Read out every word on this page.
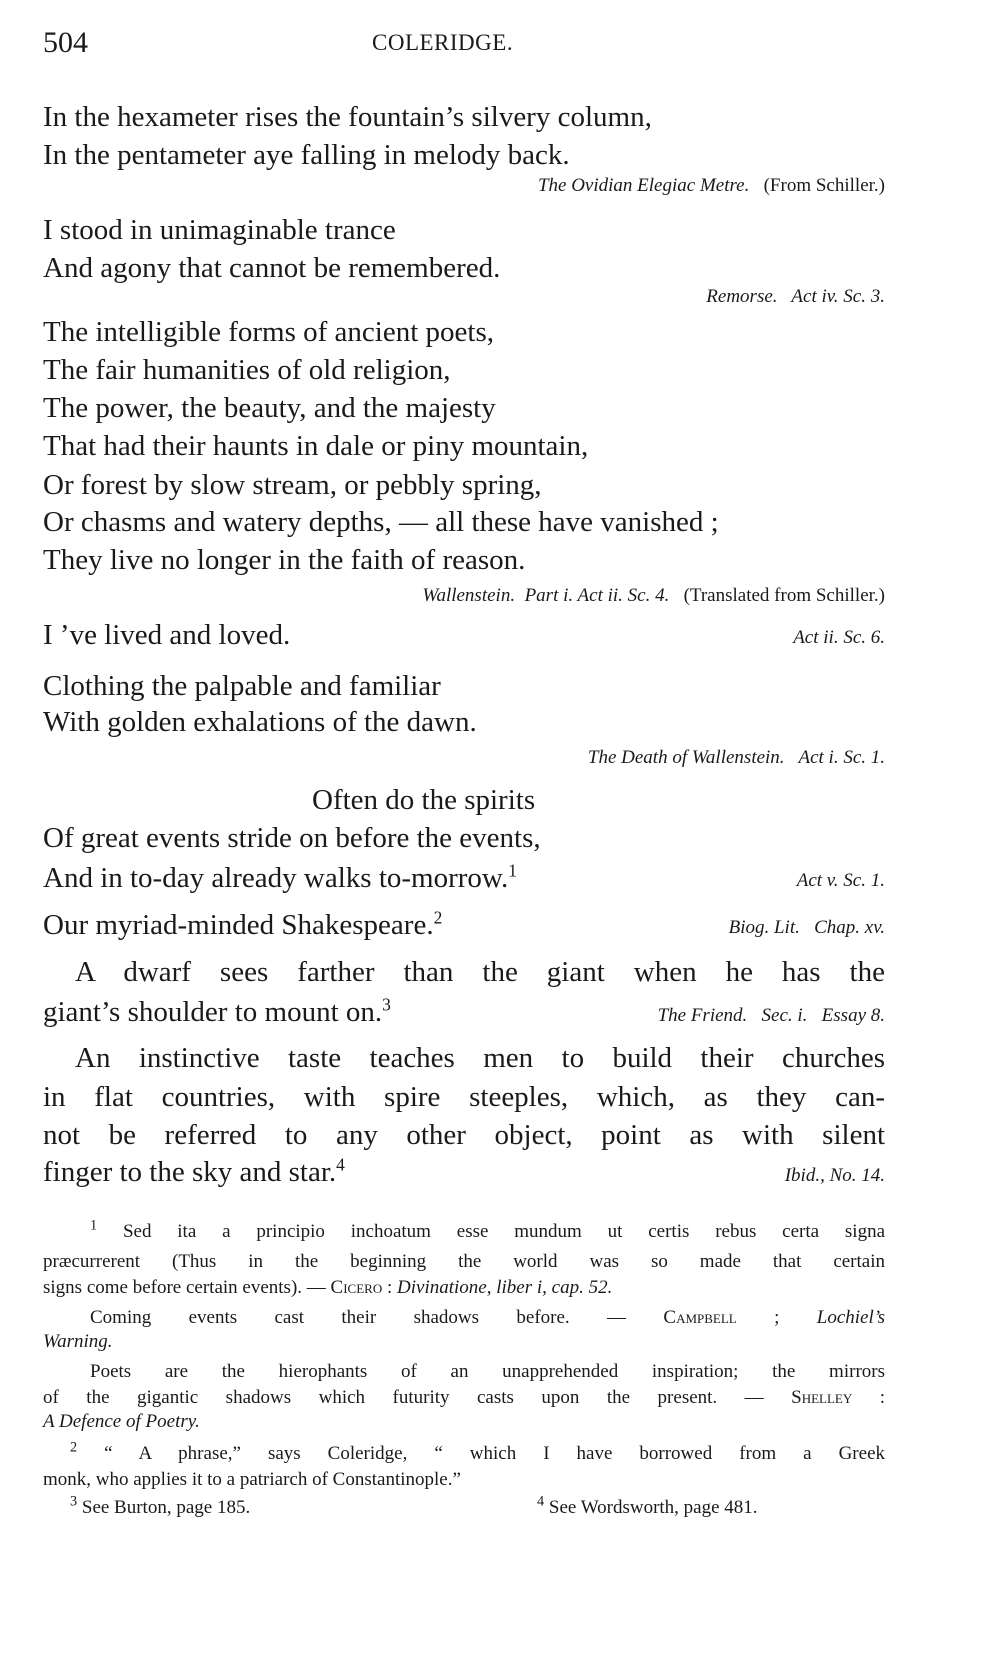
504	COLERIDGE.
In the hexameter rises the fountain’s silvery column,
In the pentameter aye falling in melody back.
The Ovidian Elegiac Metre. (From Schiller.)
I stood in unimaginable trance
And agony that cannot be remembered.
Remorse.   Act iv. Sc. 3.
The intelligible forms of ancient poets,
The fair humanities of old religion,
The power, the beauty, and the majesty
That had their haunts in dale or piny mountain,
Or forest by slow stream, or pebbly spring,
Or chasms and watery depths, — all these have vanished ;
They live no longer in the faith of reason.
Wallenstein.  Part i. Act ii. Sc. 4. (Translated from Schiller.)
I ’ve lived and loved.	Act ii. Sc. 6.
Clothing the palpable and familiar
With golden exhalations of the dawn.
The Death of Wallenstein.   Act i. Sc. 1.
Often do the spirits
Of great events stride on before the events,
And in to-day already walks to-morrow.$^1$	Act v. Sc. 1.
Our myriad-minded Shakespeare.$^2$	Biog. Lit.   Chap. xv.
A dwarf sees farther than the giant when he has the
giant’s shoulder to mount on.$^3$
The Friend.   Sec. i.   Essay 8.
An instinctive taste teaches men to build their churches
in flat countries, with spire steeples, which, as they can-
not be referred to any other object, point as with silent
finger to the sky and star.$^4$
Ibid., No. 14.
$^1$ Sed ita a principio inchoatum esse mundum ut certis rebus certa signa
præcurrerent (Thus in the beginning the world was so made that certain
signs come before certain events). — Cicero : Divinatione, liber i, cap. 52.
Coming events cast their shadows before. — Campbell ; Lochiel’s
Warning.
Poets are the hierophants of an unapprehended inspiration; the mirrors
of the gigantic shadows which futurity casts upon the present. — Shelley :
A Defence of Poetry.
$^2$ “ A phrase,” says Coleridge, “ which I have borrowed from a Greek
monk, who applies it to a patriarch of Constantinople.”
$^3$ See Burton, page 185.	$^4$ See Wordsworth, page 481.
